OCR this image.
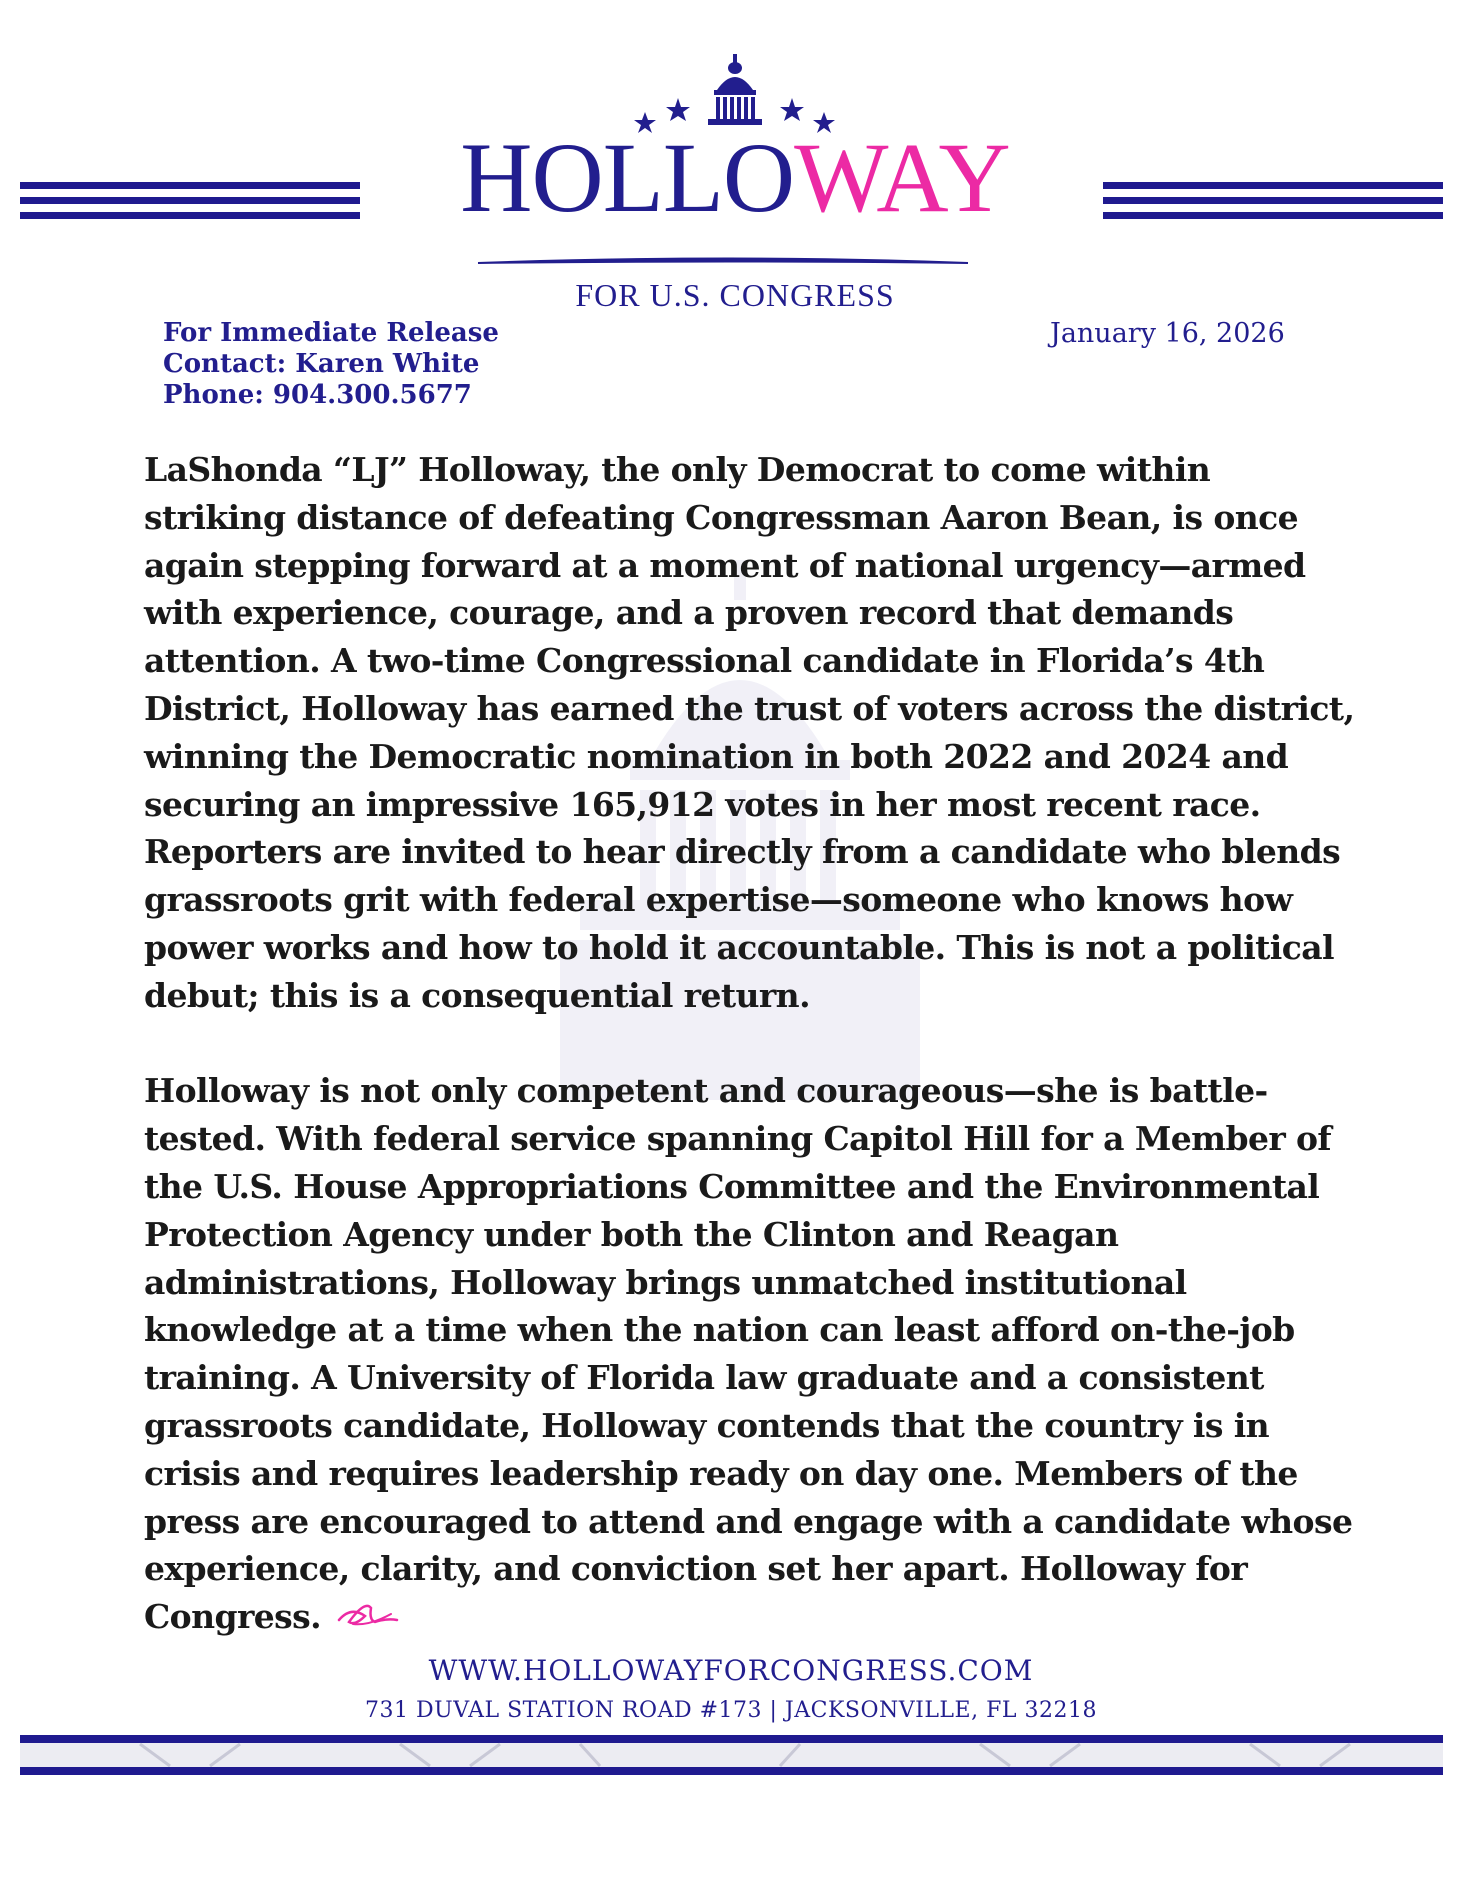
HOLLOWAY
FOR U.S. CONGRESS
For Immediate Release
Contact: Karen White
Phone: 904.300.5677
January 16, 2026

LaShonda “LJ” Holloway, the only Democrat to come within striking distance of defeating Congressman Aaron Bean, is once again stepping forward at a moment of national urgency—armed with experience, courage, and a proven record that demands attention. A two-time Congressional candidate in Florida’s 4th District, Holloway has earned the trust of voters across the district, winning the Democratic nomination in both 2022 and 2024 and securing an impressive 165,912 votes in her most recent race. Reporters are invited to hear directly from a candidate who blends grassroots grit with federal expertise—someone who knows how power works and how to hold it accountable. This is not a political debut; this is a consequential return.

Holloway is not only competent and courageous—she is battle-tested. With federal service spanning Capitol Hill for a Member of the U.S. House Appropriations Committee and the Environmental Protection Agency under both the Clinton and Reagan administrations, Holloway brings unmatched institutional knowledge at a time when the nation can least afford on-the-job training. A University of Florida law graduate and a consistent grassroots candidate, Holloway contends that the country is in crisis and requires leadership ready on day one. Members of the press are encouraged to attend and engage with a candidate whose experience, clarity, and conviction set her apart. Holloway for Congress.

WWW.HOLLOWAYFORCONGRESS.COM
731 DUVAL STATION ROAD #173 | JACKSONVILLE, FL 32218
